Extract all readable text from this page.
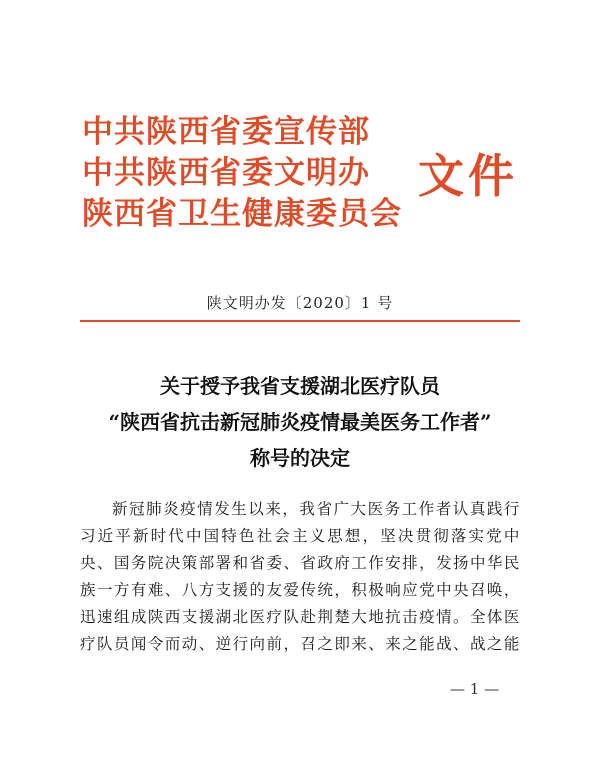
中共陕西省委宣传部
中共陕西省委文明办
陕西省卫生健康委员会
文件
陕文明办发〔2020〕1 号
关于授予我省支援湖北医疗队员
“陕西省抗击新冠肺炎疫情最美医务工作者”
称号的决定
新冠肺炎疫情发生以来，我省广大医务工作者认真践行
习近平新时代中国特色社会主义思想，坚决贯彻落实党中
央、国务院决策部署和省委、省政府工作安排，发扬中华民
族一方有难、八方支援的友爱传统，积极响应党中央召唤，
迅速组成陕西支援湖北医疗队赴荆楚大地抗击疫情。全体医
疗队员闻令而动、逆行向前，召之即来、来之能战、战之能
— 1 —
